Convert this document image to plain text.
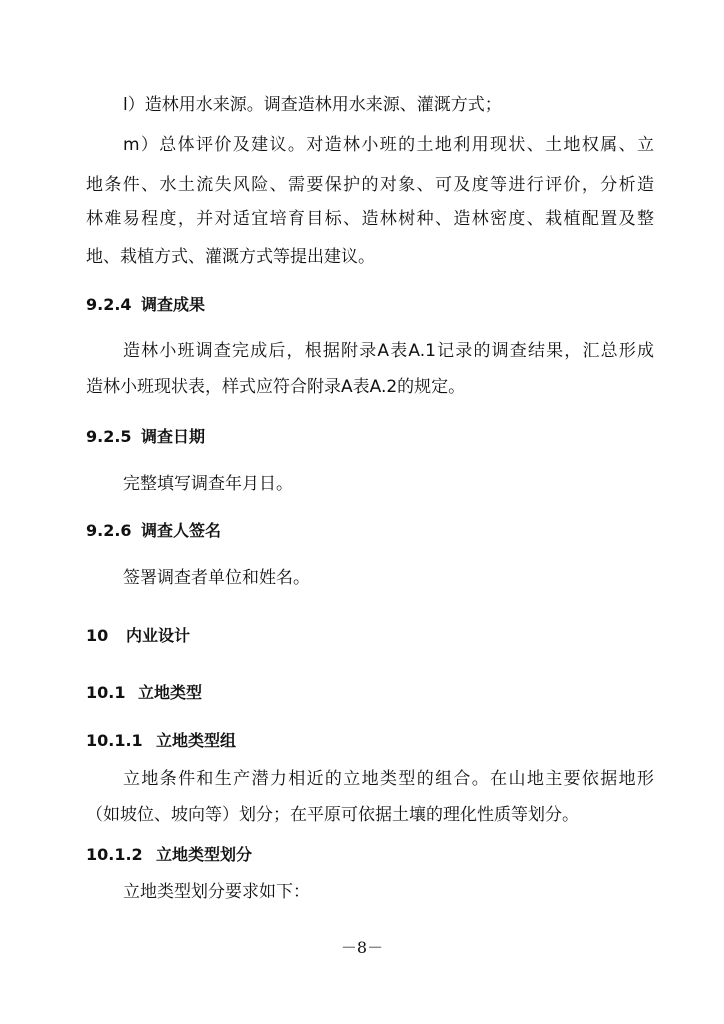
l）造林用水来源。调查造林用水来源、灌溉方式；
m）总体评价及建议。对造林小班的土地利用现状、土地权属、立
地条件、水土流失风险、需要保护的对象、可及度等进行评价，分析造
林难易程度，并对适宜培育目标、造林树种、造林密度、栽植配置及整
地、栽植方式、灌溉方式等提出建议。
9.2.4 调查成果
造林小班调查完成后，根据附录A表A.1记录的调查结果，汇总形成
造林小班现状表，样式应符合附录A表A.2的规定。
9.2.5 调查日期
完整填写调查年月日。
9.2.6 调查人签名
签署调查者单位和姓名。
10 内业设计
10.1 立地类型
10.1.1 立地类型组
立地条件和生产潜力相近的立地类型的组合。在山地主要依据地形
（如坡位、坡向等）划分；在平原可依据土壤的理化性质等划分。
10.1.2 立地类型划分
立地类型划分要求如下：
－8－
